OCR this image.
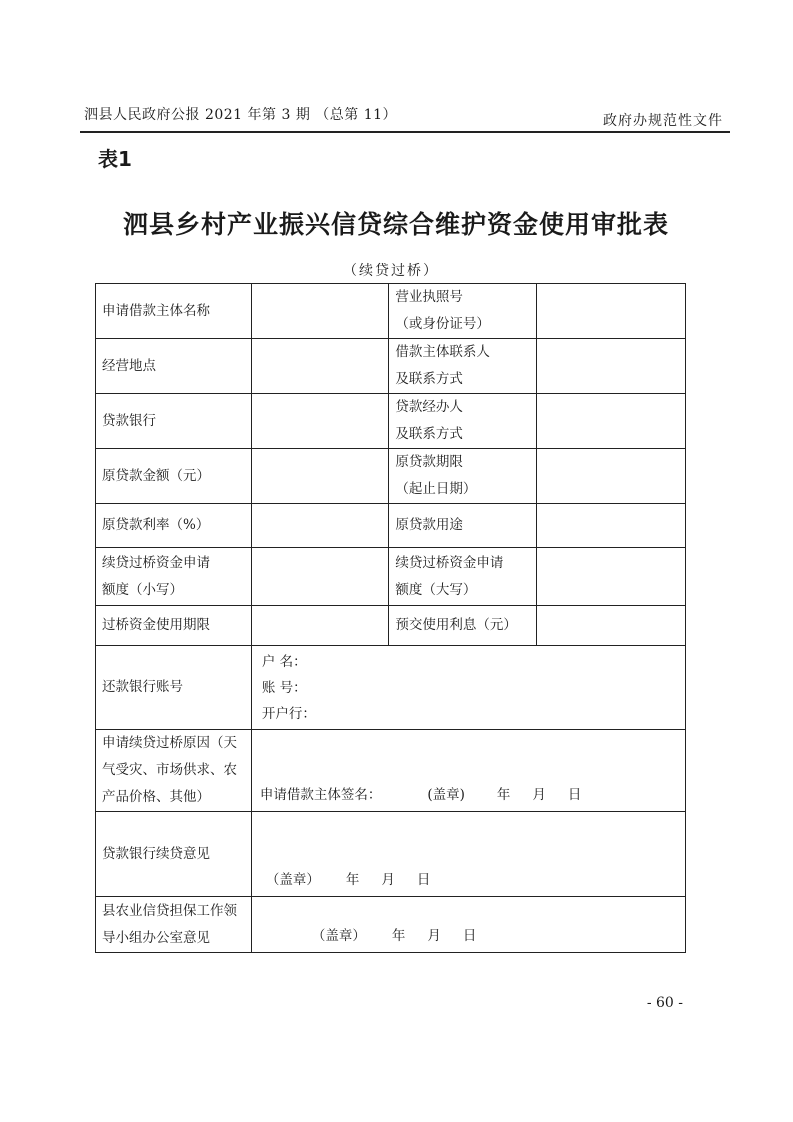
泗县人民政府公报 2021 年第 3 期 （总第 11）	政府办规范性文件
表1
泗县乡村产业振兴信贷综合维护资金使用审批表
（续贷过桥）
申请借款主体名称		营业执照号
（或身份证号）	

经营地点		借款主体联系人
及联系方式	

贷款银行		贷款经办人
及联系方式	

原贷款金额（元）		原贷款期限
（起止日期）	

原贷款利率（%）		原贷款用途	

续贷过桥资金申请
额度（小写）		续贷过桥资金申请
额度（大写）	

过桥资金使用期限		预交使用利息（元）	
还款银行账号	户 名：
账 号：
开户行：		

申请续贷过桥原因（天
气受灾、市场供求、农
产品价格、其他）	申请借款主体签名： (盖章) 年 月 日		

贷款银行续贷意见	（盖章） 年 月 日		

县农业信贷担保工作领
导小组办公室意见	（盖章） 年 月 日		
- 60 -
